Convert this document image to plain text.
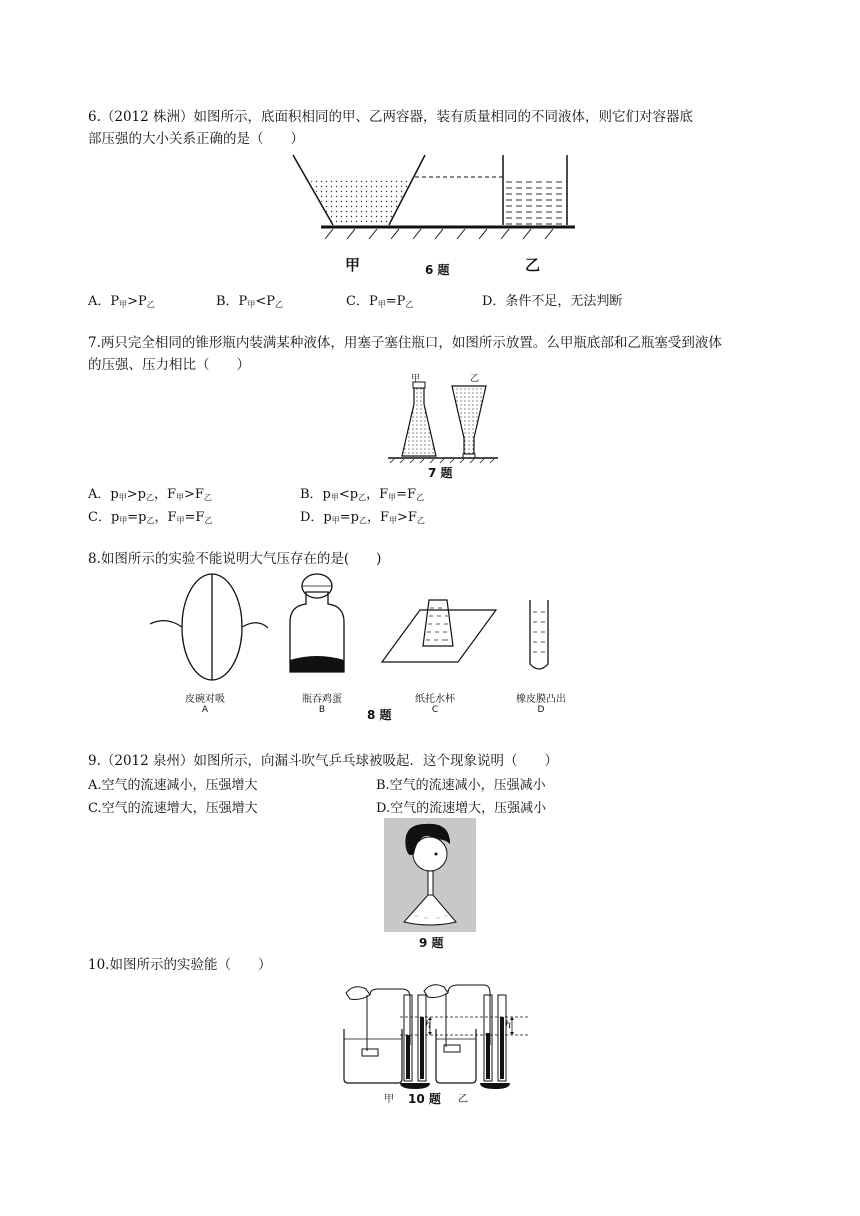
6.（2012 株洲）如图所示，底面积相同的甲、乙两容器，装有质量相同的不同液体，则它们对容器底
部压强的大小关系正确的是（　　）
甲	6 题	乙
A．$P_甲>P_乙$	B．$P_甲<P_乙$	C．$P_甲=P_乙$	D．条件不足，无法判断
7.两只完全相同的锥形瓶内装满某种液体，用塞子塞住瓶口，如图所示放置。么甲瓶底部和乙瓶塞受到液体
的压强、压力相比（　　）
甲	乙
7 题
A．$p_甲>p_乙$，$F_甲>F_乙$	B．$p_甲<p_乙$，$F_甲=F_乙$
C．$p_甲=p_乙$，$F_甲=F_乙$	D．$p_甲=p_乙$，$F_甲>F_乙$
8.如图所示的实验不能说明大气压存在的是(　　)
皮碗对吸
A
瓶吞鸡蛋
B
纸托水杯
C
橡皮膜凸出
D
8 题
9.（2012 泉州）如图所示，向漏斗吹气乒乓球被吸起．这个现象说明（　　）
A.空气的流速减小，压强增大	B.空气的流速减小，压强减小
C.空气的流速增大，压强增大	D.空气的流速增大，压强减小
9 题
10.如图所示的实验能（　　）
h	h
甲 10 题 乙
